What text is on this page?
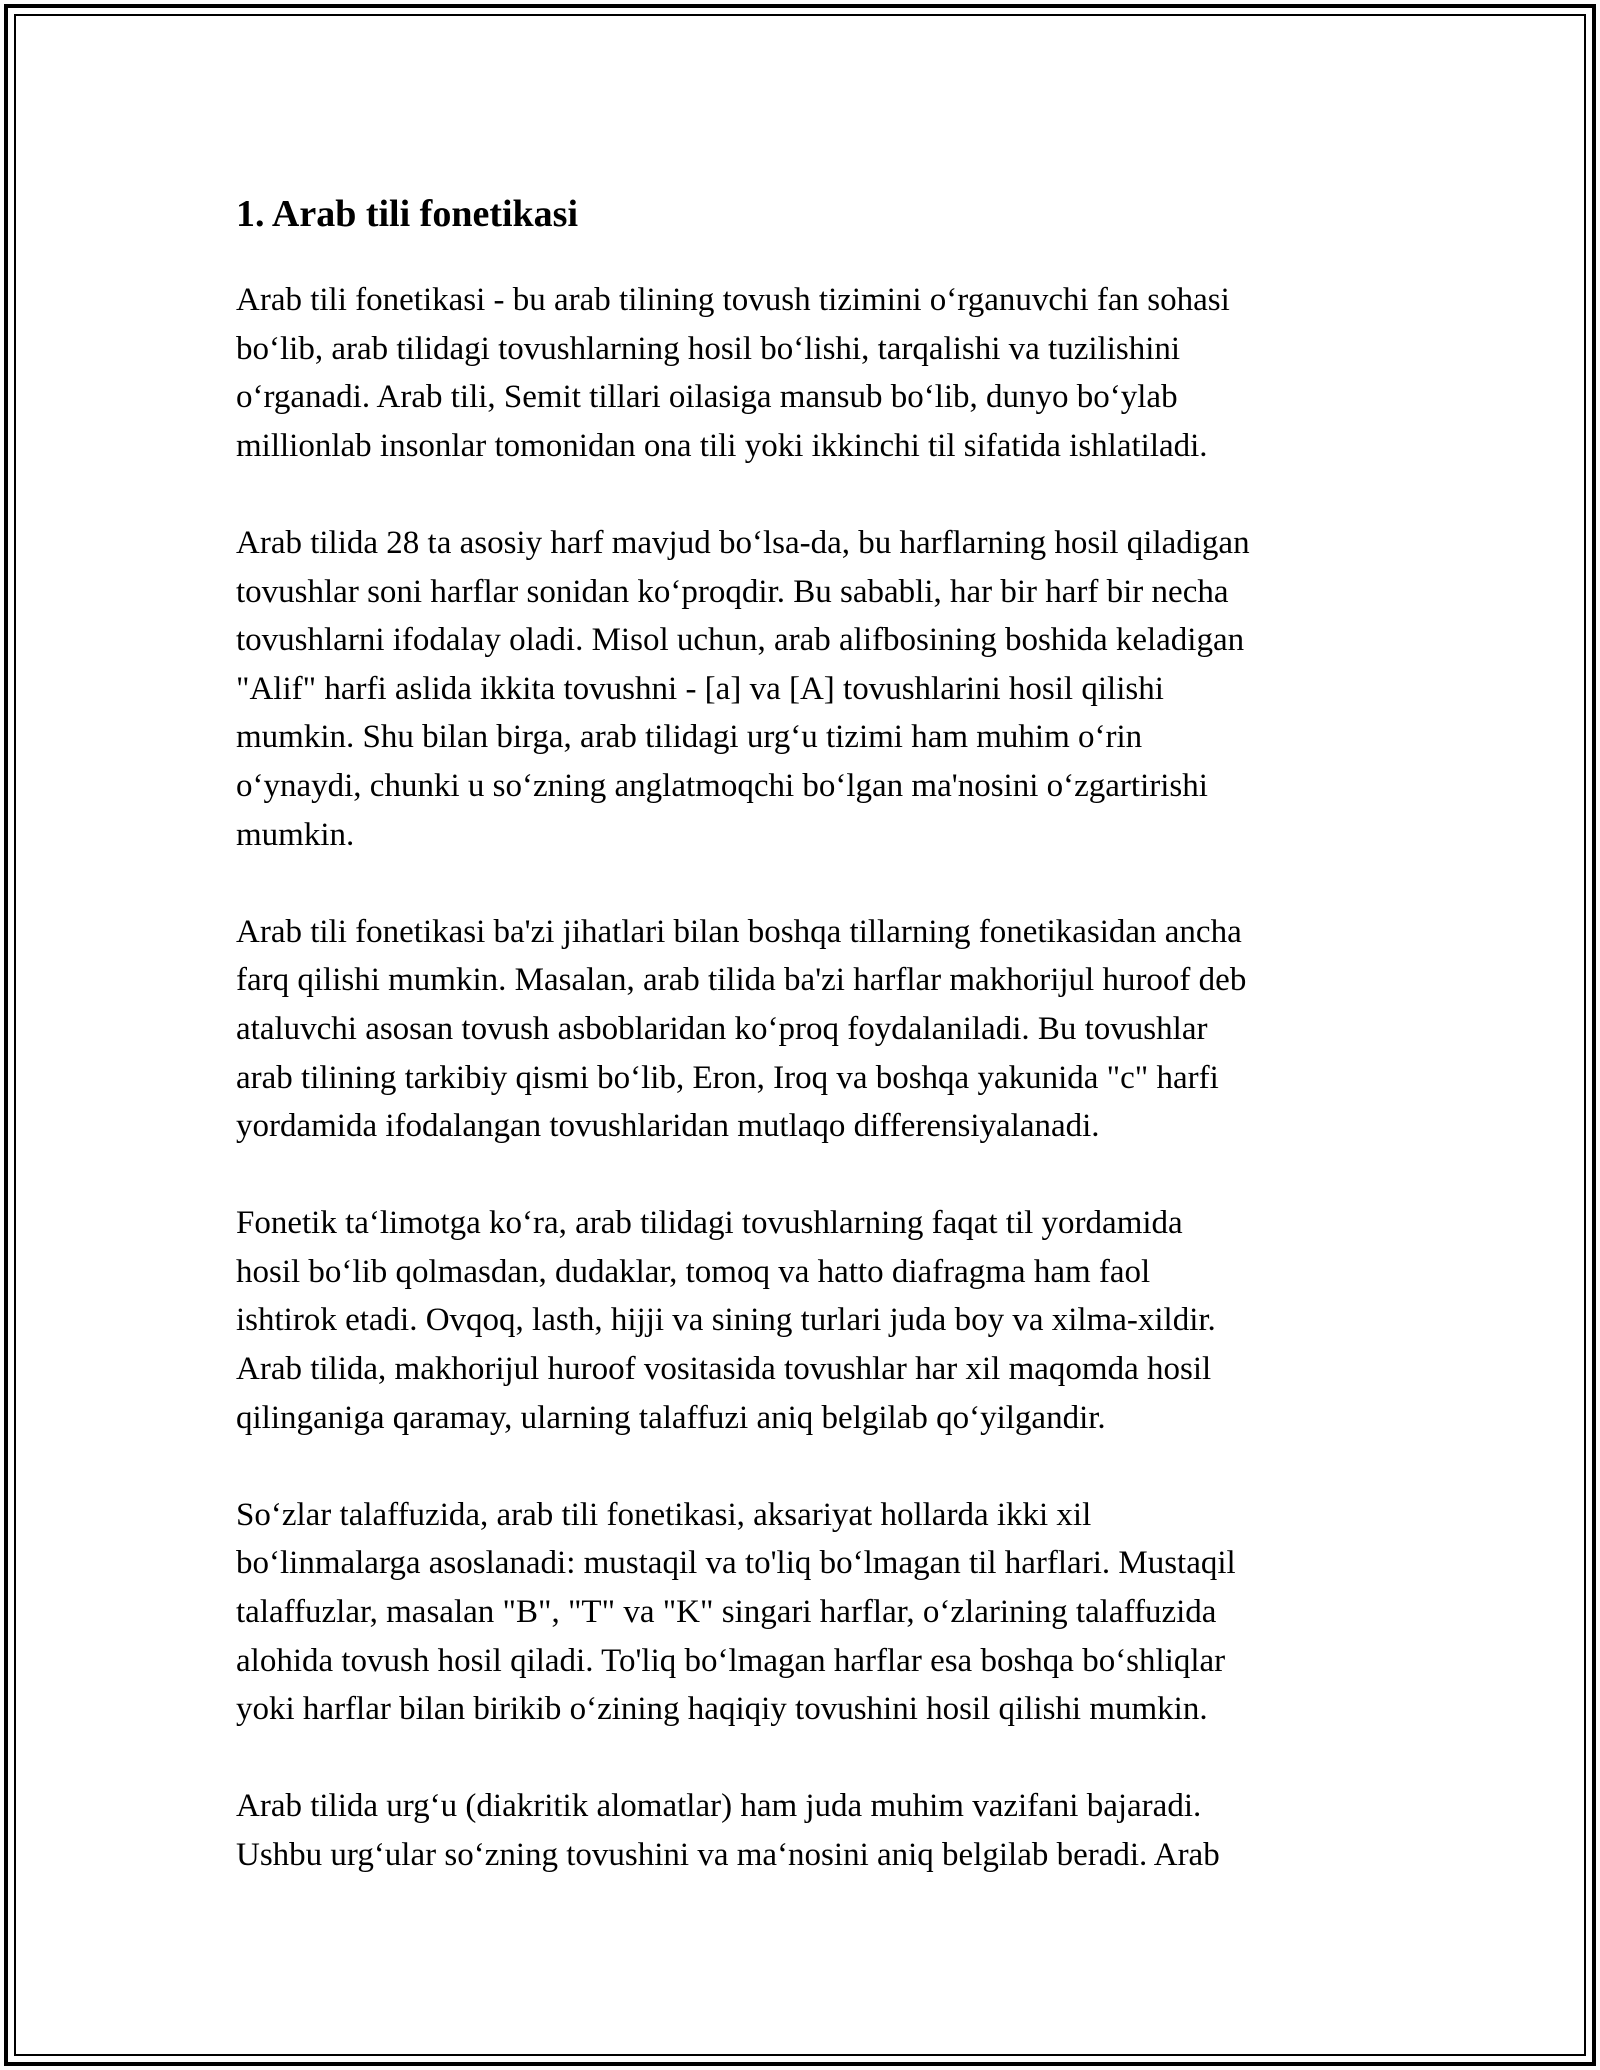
1. Arab tili fonetikasi

Arab tili fonetikasi - bu arab tilining tovush tizimini oʻrganuvchi fan sohasi
boʻlib, arab tilidagi tovushlarning hosil boʻlishi, tarqalishi va tuzilishini
oʻrganadi. Arab tili, Semit tillari oilasiga mansub boʻlib, dunyo boʻylab
millionlab insonlar tomonidan ona tili yoki ikkinchi til sifatida ishlatiladi.

Arab tilida 28 ta asosiy harf mavjud boʻlsa-da, bu harflarning hosil qiladigan
tovushlar soni harflar sonidan koʻproqdir. Bu sababli, har bir harf bir necha
tovushlarni ifodalay oladi. Misol uchun, arab alifbosining boshida keladigan
"Alif" harfi aslida ikkita tovushni - [a] va [A] tovushlarini hosil qilishi
mumkin. Shu bilan birga, arab tilidagi urgʻu tizimi ham muhim oʻrin
oʻynaydi, chunki u soʻzning anglatmoqchi boʻlgan ma'nosini oʻzgartirishi
mumkin.

Arab tili fonetikasi ba'zi jihatlari bilan boshqa tillarning fonetikasidan ancha
farq qilishi mumkin. Masalan, arab tilida ba'zi harflar makhorijul huroof deb
ataluvchi asosan tovush asboblaridan koʻproq foydalaniladi. Bu tovushlar
arab tilining tarkibiy qismi boʻlib, Eron, Iroq va boshqa yakunida "c" harfi
yordamida ifodalangan tovushlaridan mutlaqo differensiyalanadi.

Fonetik taʻlimotga koʻra, arab tilidagi tovushlarning faqat til yordamida
hosil boʻlib qolmasdan, dudaklar, tomoq va hatto diafragma ham faol
ishtirok etadi. Ovqoq, lasth, hijji va sining turlari juda boy va xilma-xildir.
Arab tilida, makhorijul huroof vositasida tovushlar har xil maqomda hosil
qilinganiga qaramay, ularning talaffuzi aniq belgilab qoʻyilgandir.

Soʻzlar talaffuzida, arab tili fonetikasi, aksariyat hollarda ikki xil
boʻlinmalarga asoslanadi: mustaqil va to'liq boʻlmagan til harflari. Mustaqil
talaffuzlar, masalan "B", "T" va "K" singari harflar, oʻzlarining talaffuzida
alohida tovush hosil qiladi. To'liq boʻlmagan harflar esa boshqa boʻshliqlar
yoki harflar bilan birikib oʻzining haqiqiy tovushini hosil qilishi mumkin.

Arab tilida urgʻu (diakritik alomatlar) ham juda muhim vazifani bajaradi.
Ushbu urgʻular soʻzning tovushini va maʻnosini aniq belgilab beradi. Arab
